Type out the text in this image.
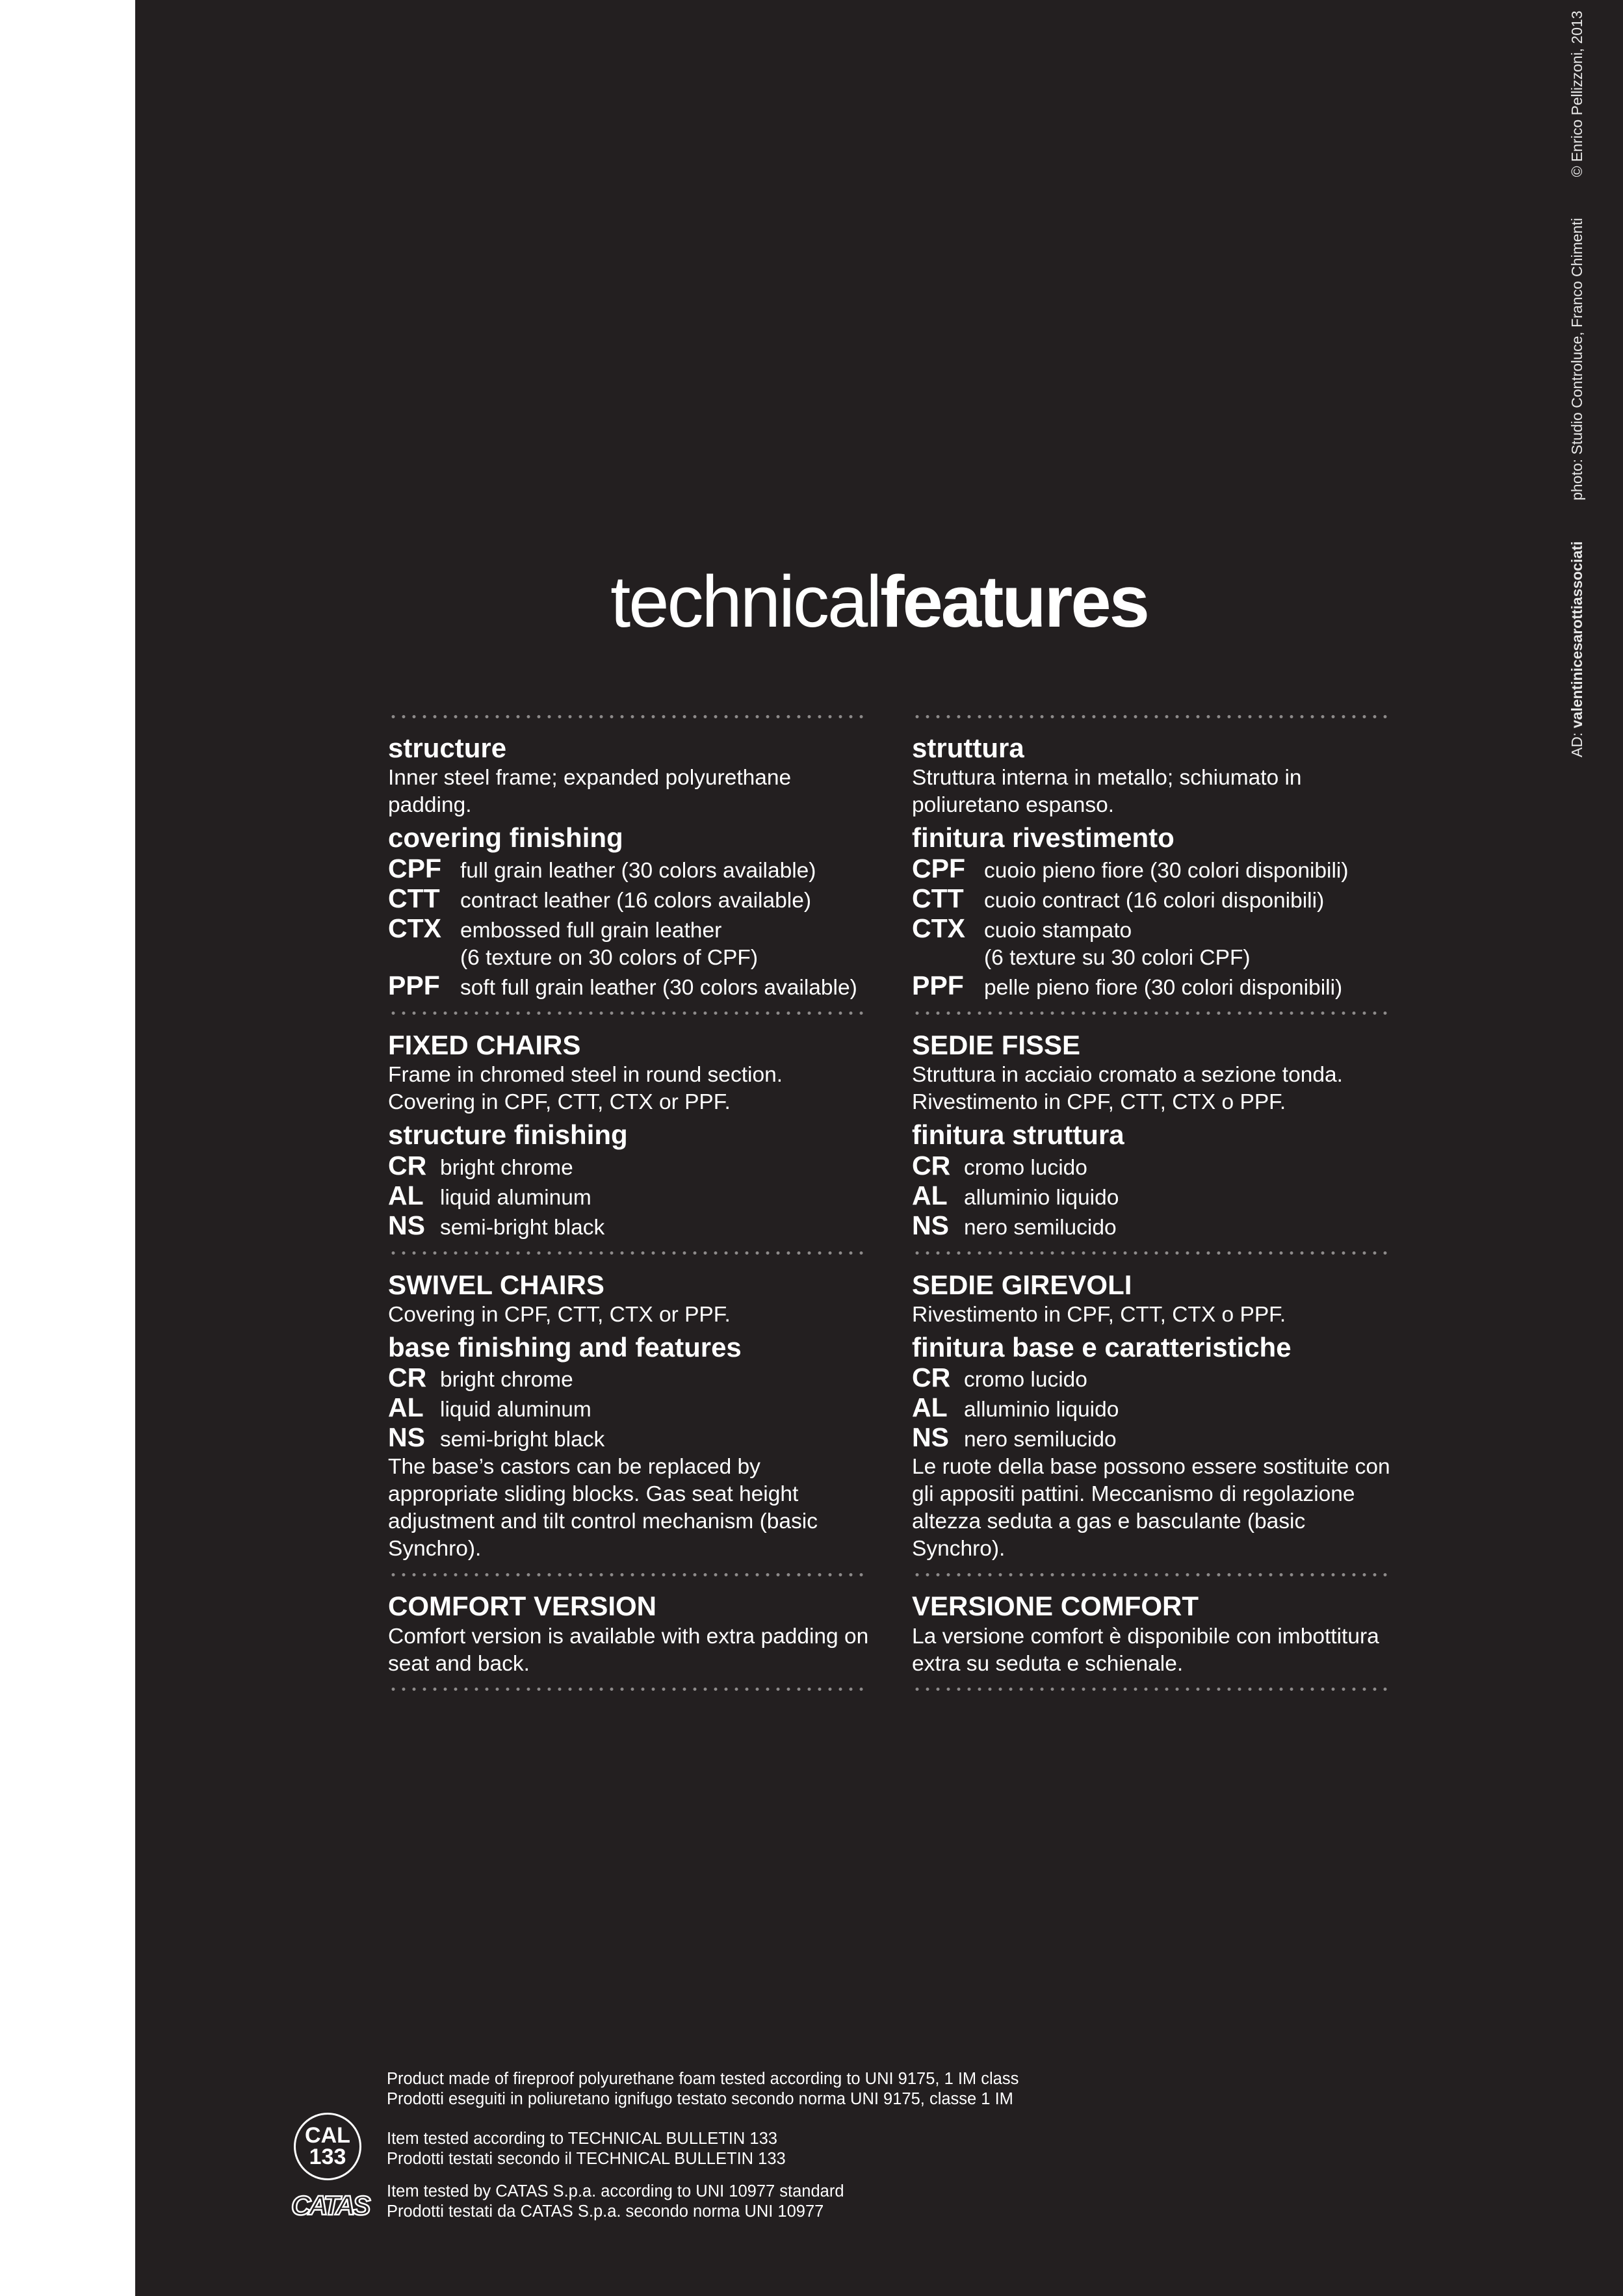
AD: valentinicesarottiassociati  photo: Studio Controluce, Franco Chimenti  © Enrico Pellizzoni, 2013
technicalfeatures
structure

Inner steel frame; expanded polyurethane padding.

covering finishing
CPF full grain leather (30 colors available)
CTT contract leather (16 colors available)
CTX embossed full grain leather
(6 texture on 30 colors of CPF)
PPF soft full grain leather (30 colors available)
FIXED CHAIRS

Frame in chromed steel in round section.

Covering in CPF, CTT, CTX or PPF.

structure finishing
CR bright chrome
AL liquid aluminum
NS semi-bright black
SWIVEL CHAIRS

Covering in CPF, CTT, CTX or PPF.

base finishing and features
CR bright chrome
AL liquid aluminum
NS semi-bright black

The base’s castors can be replaced by appropriate sliding blocks. Gas seat height adjustment and tilt control mechanism (basic Synchro).

COMFORT VERSION

Comfort version is available with extra padding on seat and back.

struttura

Struttura interna in metallo; schiumato in poliuretano espanso.

finitura rivestimento
CPF cuoio pieno fiore (30 colori disponibili)
CTT cuoio contract (16 colori disponibili)
CTX cuoio stampato
(6 texture su 30 colori CPF)
PPF pelle pieno fiore (30 colori disponibili)
SEDIE FISSE

Struttura in acciaio cromato a sezione tonda.

Rivestimento in CPF, CTT, CTX o PPF.

finitura struttura
CR cromo lucido
AL alluminio liquido
NS nero semilucido
SEDIE GIREVOLI

Rivestimento in CPF, CTT, CTX o PPF.

finitura base e caratteristiche
CR cromo lucido
AL alluminio liquido
NS nero semilucido

Le ruote della base possono essere sostituite con gli appositi pattini. Meccanismo di regolazione altezza seduta a gas e basculante (basic Synchro).

VERSIONE COMFORT

La versione comfort è disponibile con imbottitura extra su seduta e schienale.

Product made of fireproof polyurethane foam tested according to UNI 9175, 1 IM class
Prodotti eseguiti in poliuretano ignifugo testato secondo norma UNI 9175, classe 1 IM
CAL
133
Item tested according to TECHNICAL BULLETIN 133
Prodotti testati secondo il TECHNICAL BULLETIN 133
CATAS Item tested by CATAS S.p.a. according to UNI 10977 standard
Prodotti testati da CATAS S.p.a. secondo norma UNI 10977
